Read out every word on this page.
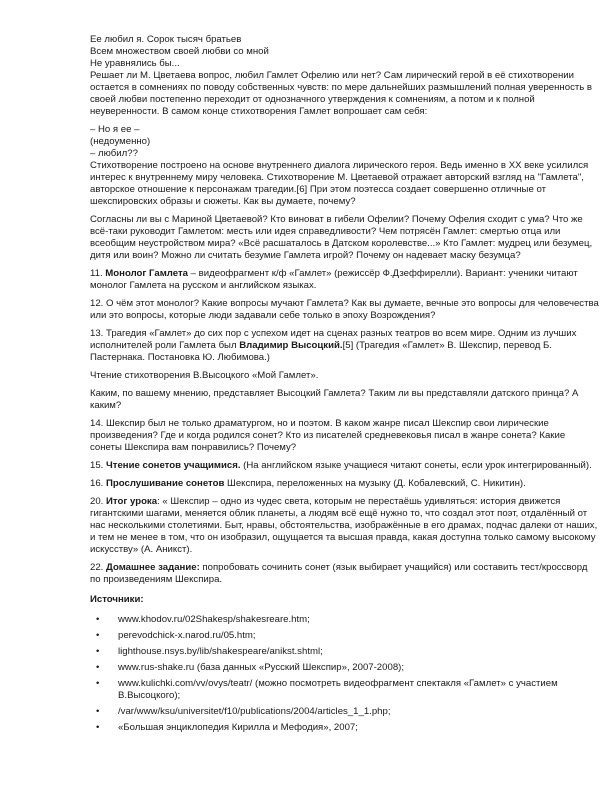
Ее любил я. Сорок тысяч братьев
Всем множеством своей любви со мной
Не уравнялись бы...
Решает ли М. Цветаева вопрос, любил Гамлет Офелию или нет? Сам лирический герой в её стихотворении
остается в сомнениях по поводу собственных чувств: по мере дальнейших размышлений полная уверенность в
своей любви постепенно переходит от однозначного утверждения к сомнениям, а потом и к полной
неуверенности. В самом конце стихотворения Гамлет вопрошает сам себя:
– Но я ее –
(недоуменно)
– любил??
Стихотворение построено на основе внутреннего диалога лирического героя. Ведь именно в XX веке усилился
интерес к внутреннему миру человека. Стихотворение М. Цветаевой отражает авторский взгляд на "Гамлета",
авторское отношение к персонажам трагедии.[6] При этом поэтесса создает совершенно отличные от
шекспировских образы и сюжеты. Как вы думаете, почему?
Согласны ли вы с Мариной Цветаевой? Кто виноват в гибели Офелии? Почему Офелия сходит с ума? Что же
всё-таки руководит Гамлетом: месть или идея справедливости? Чем потрясён Гамлет: смертью отца или
всеобщим неустройством мира? «Всё расшаталось в Датском королевстве...» Кто Гамлет: мудрец или безумец,
дитя или воин? Можно ли считать безумие Гамлета игрой? Почему он надевает маску безумца?
11. Монолог Гамлета – видеофрагмент к/ф «Гамлет» (режиссёр Ф.Дзеффирелли). Вариант: ученики читают
монолог Гамлета на русском и английском языках.
12. О чём этот монолог? Какие вопросы мучают Гамлета? Как вы думаете, вечные это вопросы для человечества
или это вопросы, которые люди задавали себе только в эпоху Возрождения?
13. Трагедия «Гамлет» до сих пор с успехом идет на сценах разных театров во всем мире. Одним из лучших
исполнителей роли Гамлета был Владимир Высоцкий.[5] (Трагедия «Гамлет» В. Шекспир, перевод Б.
Пастернака. Постановка Ю. Любимова.)
Чтение стихотворения В.Высоцкого «Мой Гамлет».
Каким, по вашему мнению, представляет Высоцкий Гамлета? Таким ли вы представляли датского принца? А
каким?
14. Шекспир был не только драматургом, но и поэтом. В каком жанре писал Шекспир свои лирические
произведения? Где и когда родился сонет? Кто из писателей средневековья писал в жанре сонета? Какие
сонеты Шекспира вам понравились? Почему?
15. Чтение сонетов учащимися. (На английском языке учащиеся читают сонеты, если урок интегрированный).
16. Прослушивание сонетов Шекспира, переложенных на музыку (Д. Кобалевский, С. Никитин).
20. Итог урока: « Шекспир – одно из чудес света, которым не перестаёшь удивляться: история движется
гигантскими шагами, меняется облик планеты, а людям всё ещё нужно то, что создал этот поэт, отдалённый от
нас несколькими столетиями. Быт, нравы, обстоятельства, изображённые в его драмах, подчас далеки от наших,
и тем не менее в том, что он изобразил, ощущается та высшая правда, какая доступна только самому высокому
искусству» (А. Аникст).
22. Домашнее задание: попробовать сочинить сонет (язык выбирает учащийся) или составить тест/кроссворд
по произведениям Шекспира.
Источники:
• www.khodov.ru/02Shakesp/shakesreare.htm;
• perevodchick-x.narod.ru/05.htm;
• lighthouse.nsys.by/lib/shakespeare/anikst.shtml;
• www.rus-shake.ru (база данных «Русский Шекспир», 2007-2008);
• www.kulichki.com/vv/ovys/teatr/ (можно посмотреть видеофрагмент спектакля «Гамлет» с участием
В.Высоцкого);
• /var/www/ksu/universitet/f10/publications/2004/articles_1_1.php;
• «Большая энциклопедия Кирилла и Мефодия», 2007;
